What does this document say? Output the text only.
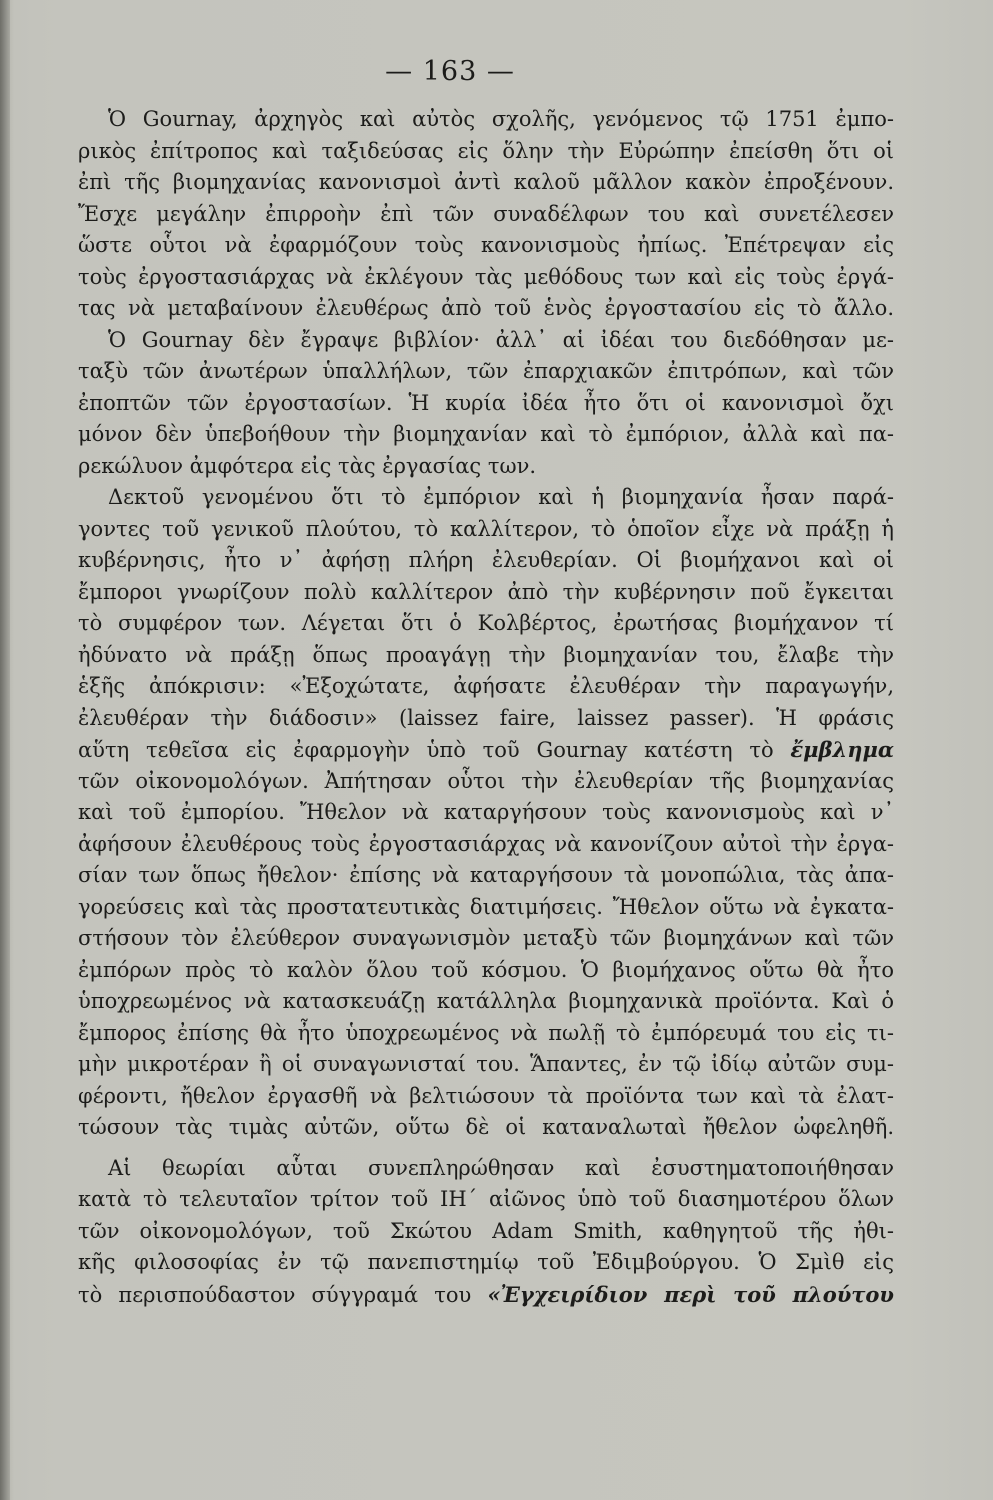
— 163 —
Ὁ Gournay, ἀρχηγὸς καὶ αὐτὸς σχολῆς, γενόμενος τῷ 1751 ἐμπο-
ρικὸς ἐπίτροπος καὶ ταξιδεύσας εἰς ὅλην τὴν Εὐρώπην ἐπείσθη ὅτι οἱ
ἐπὶ τῆς βιομηχανίας κανονισμοὶ ἀντὶ καλοῦ μᾶλλον κακὸν ἐπροξένουν.
Ἔσχε μεγάλην ἐπιρροὴν ἐπὶ τῶν συναδέλφων του καὶ συνετέλεσεν
ὥστε οὗτοι νὰ ἐφαρμόζουν τοὺς κανονισμοὺς ἠπίως. Ἐπέτρεψαν εἰς
τοὺς ἐργοστασιάρχας νὰ ἐκλέγουν τὰς μεθόδους των καὶ εἰς τοὺς ἐργά-
τας νὰ μεταβαίνουν ἐλευθέρως ἀπὸ τοῦ ἑνὸς ἐργοστασίου εἰς τὸ ἄλλο.
Ὁ Gournay δὲν ἔγραψε βιβλίον· ἀλλ᾽ αἱ ἰδέαι του διεδόθησαν με-
ταξὺ τῶν ἀνωτέρων ὑπαλλήλων, τῶν ἐπαρχιακῶν ἐπιτρόπων, καὶ τῶν
ἐποπτῶν τῶν ἐργοστασίων. Ἡ κυρία ἰδέα ἦτο ὅτι οἱ κανονισμοὶ ὄχι
μόνον δὲν ὑπεβοήθουν τὴν βιομηχανίαν καὶ τὸ ἐμπόριον, ἀλλὰ καὶ πα-
ρεκώλυον ἀμφότερα εἰς τὰς ἐργασίας των.
Δεκτοῦ γενομένου ὅτι τὸ ἐμπόριον καὶ ἡ βιομηχανία ἦσαν παρά-
γοντες τοῦ γενικοῦ πλούτου, τὸ καλλίτερον, τὸ ὁποῖον εἶχε νὰ πράξῃ ἡ
κυβέρνησις, ἦτο ν᾽ ἀφήσῃ πλήρη ἐλευθερίαν. Οἱ βιομήχανοι καὶ οἱ
ἔμποροι γνωρίζουν πολὺ καλλίτερον ἀπὸ τὴν κυβέρνησιν ποῦ ἔγκειται
τὸ συμφέρον των. Λέγεται ὅτι ὁ Κολβέρτος, ἐρωτήσας βιομήχανον τί
ἠδύνατο νὰ πράξῃ ὅπως προαγάγῃ τὴν βιομηχανίαν του, ἔλαβε τὴν
ἑξῆς ἀπόκρισιν: «Ἐξοχώτατε, ἀφήσατε ἐλευθέραν τὴν παραγωγήν,
ἐλευθέραν τὴν διάδοσιν» (laissez faire, laissez passer). Ἡ φράσις
αὕτη τεθεῖσα εἰς ἐφαρμογὴν ὑπὸ τοῦ Gournay κατέστη τὸ ἔμβλημα
τῶν οἰκονομολόγων. Ἀπήτησαν οὗτοι τὴν ἐλευθερίαν τῆς βιομηχανίας
καὶ τοῦ ἐμπορίου. Ἤθελον νὰ καταργήσουν τοὺς κανονισμοὺς καὶ ν᾽
ἀφήσουν ἐλευθέρους τοὺς ἐργοστασιάρχας νὰ κανονίζουν αὐτοὶ τὴν ἐργα-
σίαν των ὅπως ἤθελον· ἐπίσης νὰ καταργήσουν τὰ μονοπώλια, τὰς ἀπα-
γορεύσεις καὶ τὰς προστατευτικὰς διατιμήσεις. Ἤθελον οὕτω νὰ ἐγκατα-
στήσουν τὸν ἐλεύθερον συναγωνισμὸν μεταξὺ τῶν βιομηχάνων καὶ τῶν
ἐμπόρων πρὸς τὸ καλὸν ὅλου τοῦ κόσμου. Ὁ βιομήχανος οὕτω θὰ ἦτο
ὑποχρεωμένος νὰ κατασκευάζῃ κατάλληλα βιομηχανικὰ προϊόντα. Καὶ ὁ
ἔμπορος ἐπίσης θὰ ἦτο ὑποχρεωμένος νὰ πωλῇ τὸ ἐμπόρευμά του εἰς τι-
μὴν μικροτέραν ἢ οἱ συναγωνισταί του. Ἅπαντες, ἐν τῷ ἰδίῳ αὐτῶν συμ-
φέροντι, ἤθελον ἐργασθῆ νὰ βελτιώσουν τὰ προϊόντα των καὶ τὰ ἐλατ-
τώσουν τὰς τιμὰς αὐτῶν, οὕτω δὲ οἱ καταναλωταὶ ἤθελον ὠφεληθῆ.
Αἱ θεωρίαι αὗται συνεπληρώθησαν καὶ ἐσυστηματοποιήθησαν
κατὰ τὸ τελευταῖον τρίτον τοῦ ΙΗ΄ αἰῶνος ὑπὸ τοῦ διασημοτέρου ὅλων
τῶν οἰκονομολόγων, τοῦ Σκώτου Adam Smith, καθηγητοῦ τῆς ἠθι-
κῆς φιλοσοφίας ἐν τῷ πανεπιστημίῳ τοῦ Ἐδιμβούργου. Ὁ Σμὶθ εἰς
τὸ περισπούδαστον σύγγραμά του «Ἐγχειρίδιον περὶ τοῦ πλούτου
